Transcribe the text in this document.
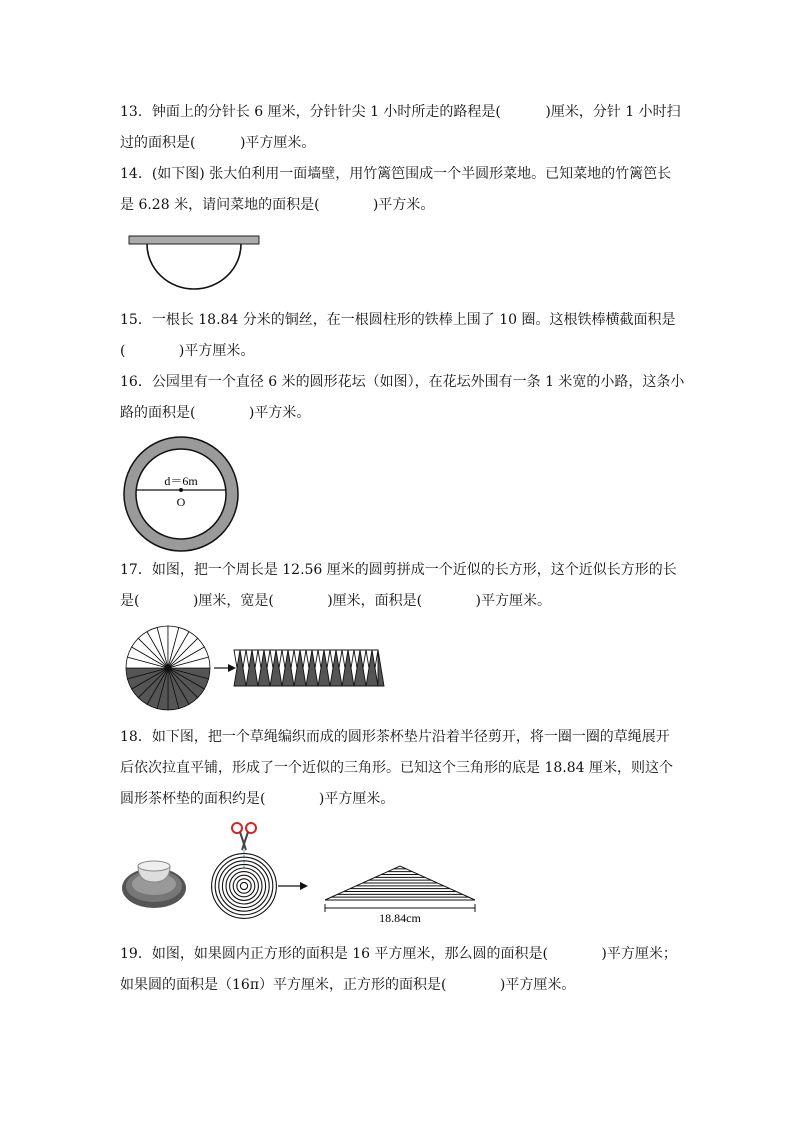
13．钟面上的分针长 6 厘米，分针针尖 1 小时所走的路程是(          )厘米，分针 1 小时扫
过的面积是(          )平方厘米。
14．(如下图) 张大伯利用一面墙壁，用竹篱笆围成一个半圆形菜地。已知菜地的竹篱笆长
是 6.28 米，请问菜地的面积是(            )平方米。
15．一根长 18.84 分米的铜丝，在一根圆柱形的铁棒上围了 10 圈。这根铁棒横截面积是
(            )平方厘米。
16．公园里有一个直径 6 米的圆形花坛（如图），在花坛外围有一条 1 米宽的小路，这条小
路的面积是(            )平方米。
d＝6m
O
17．如图，把一个周长是 12.56 厘米的圆剪拼成一个近似的长方形，这个近似长方形的长
是(            )厘米，宽是(            )厘米，面积是(            )平方厘米。
18．如下图，把一个草绳编织而成的圆形茶杯垫片沿着半径剪开，将一圈一圈的草绳展开
后依次拉直平铺，形成了一个近似的三角形。已知这个三角形的底是 18.84 厘米，则这个
圆形茶杯垫的面积约是(            )平方厘米。
18.84cm
19．如图，如果圆内正方形的面积是 16 平方厘米，那么圆的面积是(            )平方厘米；
如果圆的面积是（16π）平方厘米，正方形的面积是(            )平方厘米。
